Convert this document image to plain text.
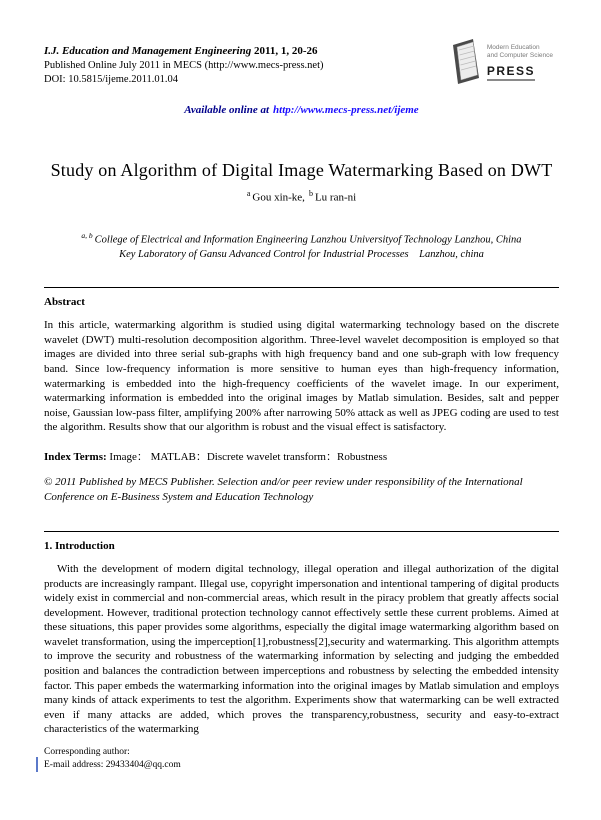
I.J. Education and Management Engineering 2011, 1, 20-26
Published Online July 2011 in MECS (http://www.mecs-press.net)
DOI: 10.5815/ijeme.2011.01.04
Modern Education
and Computer Science
PRESS
Available online at http://www.mecs-press.net/ijeme
Study on Algorithm of Digital Image Watermarking Based on DWT
$^a$ Gou xin-ke, $^b$ Lu ran-ni
$^{a, b}$ College of Electrical and Information Engineering Lanzhou Universityof Technology Lanzhou, China
Key Laboratory of Gansu Advanced Control for Industrial Processes    Lanzhou, china
Abstract

In this article, watermarking algorithm is studied using digital watermarking technology based on the discrete wavelet (DWT) multi-resolution decomposition algorithm. Three-level wavelet decomposition is employed so that images are divided into three serial sub-graphs with high frequency band and one sub-graph with low frequency band. Since low-frequency information is more sensitive to human eyes than high-frequency information, watermarking is embedded into the high-frequency coefficients of the wavelet image. In our experiment, watermarking information is embedded into the original images by Matlab simulation. Besides, salt and pepper noise, Gaussian low-pass filter, amplifying 200% after narrowing 50% attack as well as JPEG coding are used to test the algorithm. Results show that our algorithm is robust and the visual effect is satisfactory.

Index Terms: Image： MATLAB：Discrete wavelet transform：Robustness

© 2011 Published by MECS Publisher. Selection and/or peer review under responsibility of the International Conference on E-Business System and Education Technology

1. Introduction

With the development of modern digital technology, illegal operation and illegal authorization of the digital products are increasingly rampant. Illegal use, copyright impersonation and intentional tampering of digital products widely exist in commercial and non-commercial areas, which result in the piracy problem that greatly affects social development. However, traditional protection technology cannot effectively settle these current problems. Aimed at these situations, this paper provides some algorithms, especially the digital image watermarking algorithm based on wavelet transformation, using the imperception[1],robustness[2],security and watermarking. This algorithm attempts to improve the security and robustness of the watermarking information by selecting and judging the embedded position and balances the contradiction between imperceptions and robustness by selecting the embedded intensity factor. This paper embeds the watermarking information into the original images by Matlab simulation and employs many kinds of attack experiments to test the algorithm. Experiments show that watermarking can be well extracted even if many attacks are added, which proves the transparency,robustness, security and easy-to-extract characteristics of the watermarking

Corresponding author:
E-mail address: 29433404@qq.com
